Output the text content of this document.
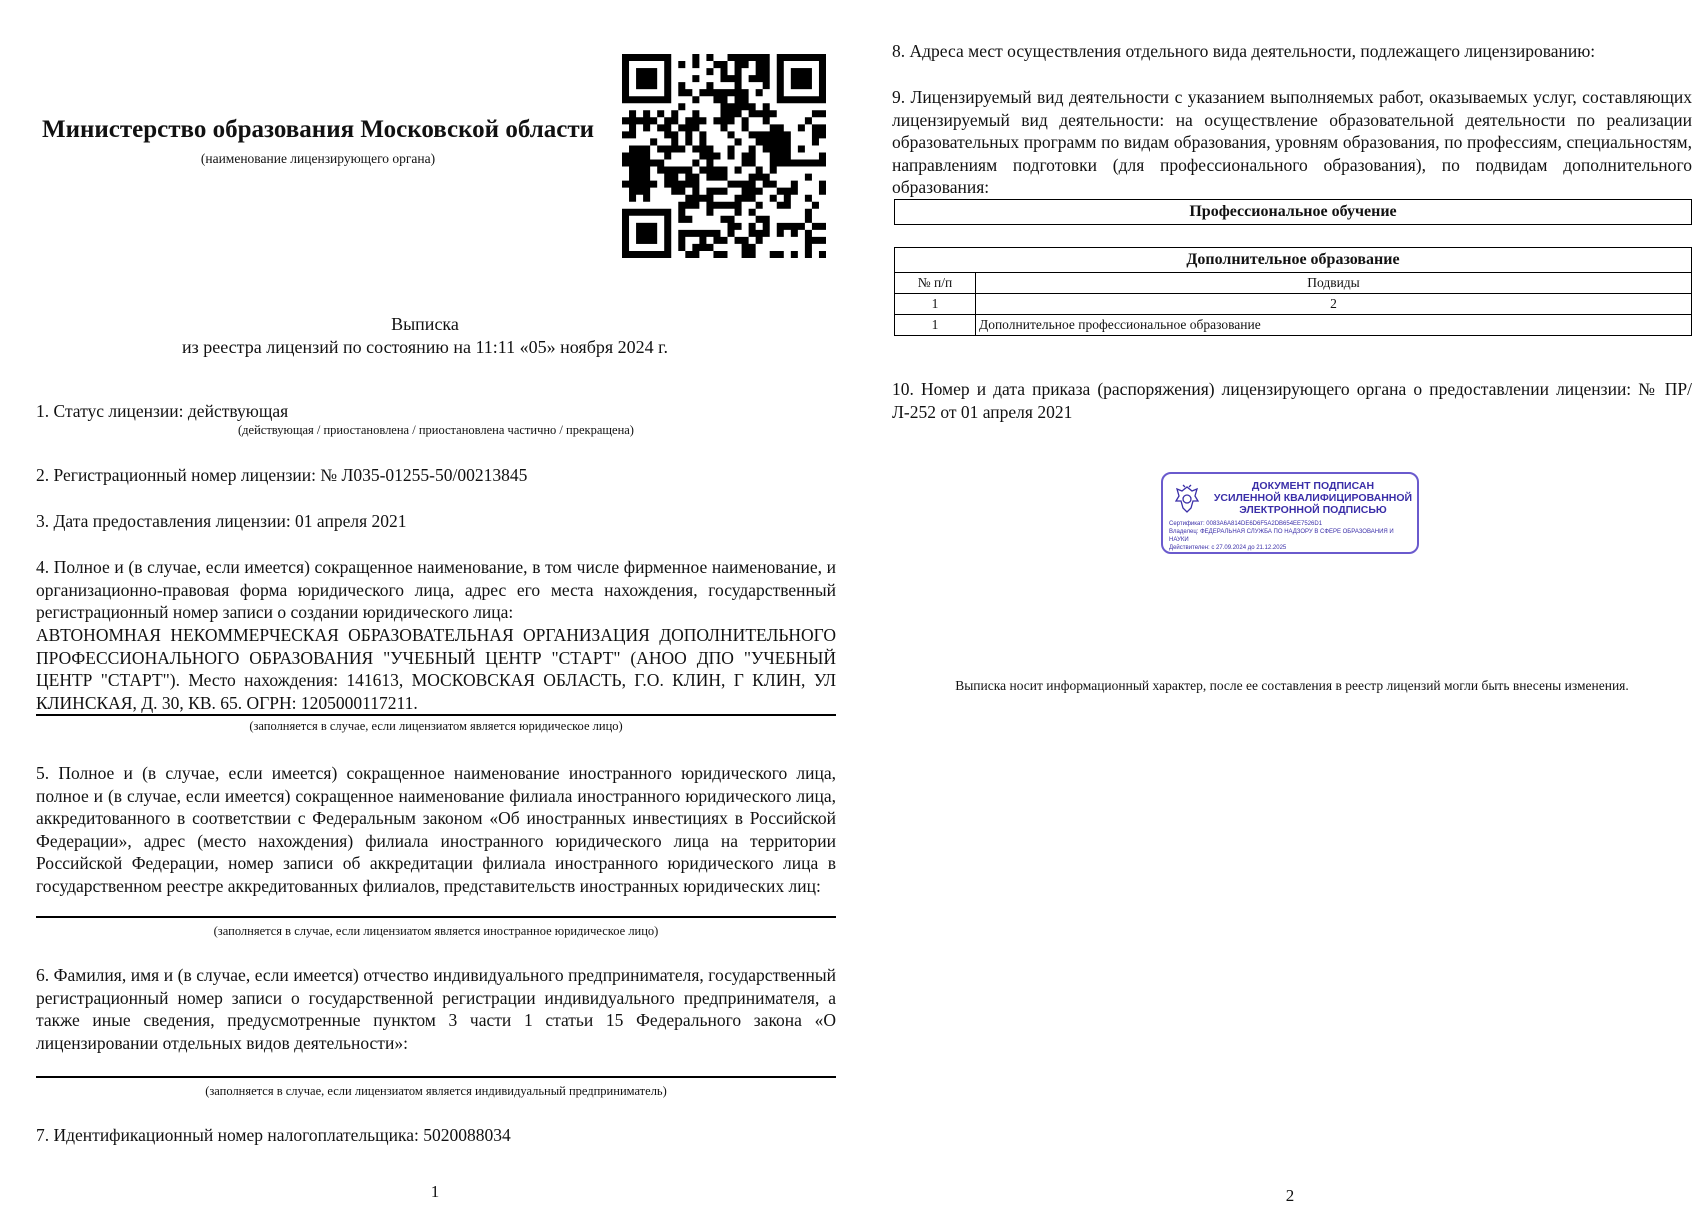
Министерство образования Московской области
(наименование лицензирующего органа)
Выписка
из реестра лицензий по состоянию на 11:11 «05» ноября 2024 г.
1. Статус лицензии: действующая
(действующая / приостановлена / приостановлена частично / прекращена)
2. Регистрационный номер лицензии: № Л035-01255-50/00213845
3. Дата предоставления лицензии: 01 апреля 2021
4. Полное и (в случае, если имеется) сокращенное наименование, в том числе фирменное наименование, и организационно-правовая форма юридического лица, адрес его места нахождения, государственный регистрационный номер записи о создании юридического лица:
АВТОНОМНАЯ НЕКОММЕРЧЕСКАЯ ОБРАЗОВАТЕЛЬНАЯ ОРГАНИЗАЦИЯ ДОПОЛНИТЕЛЬНОГО ПРОФЕССИОНАЛЬНОГО ОБРАЗОВАНИЯ "УЧЕБНЫЙ ЦЕНТР "СТАРТ" (АНОО ДПО "УЧЕБНЫЙ ЦЕНТР "СТАРТ"). Место нахождения: 141613, МОСКОВСКАЯ ОБЛАСТЬ, Г.О. КЛИН, Г КЛИН, УЛ КЛИНСКАЯ, Д. 30, КВ. 65. ОГРН: 1205000117211.
(заполняется в случае, если лицензиатом является юридическое лицо)
5. Полное и (в случае, если имеется) сокращенное наименование иностранного юридического лица, полное и (в случае, если имеется) сокращенное наименование филиала иностранного юридического лица, аккредитованного в соответствии с Федеральным законом «Об иностранных инвестициях в Российской Федерации», адрес (место нахождения) филиала иностранного юридического лица на территории Российской Федерации, номер записи об аккредитации филиала иностранного юридического лица в государственном реестре аккредитованных филиалов, представительств иностранных юридических лиц:
(заполняется в случае, если лицензиатом является иностранное юридическое лицо)
6. Фамилия, имя и (в случае, если имеется) отчество индивидуального предпринимателя, государственный регистрационный номер записи о государственной регистрации индивидуального предпринимателя, а также иные сведения, предусмотренные пунктом 3 части 1 статьи 15 Федерального закона «О лицензировании отдельных видов деятельности»:
(заполняется в случае, если лицензиатом является индивидуальный предприниматель)
7. Идентификационный номер налогоплательщика: 5020088034
1
8. Адреса мест осуществления отдельного вида деятельности, подлежащего лицензированию:
9. Лицензируемый вид деятельности с указанием выполняемых работ, оказываемых услуг, составляющих лицензируемый вид деятельности: на осуществление образовательной деятельности по реализации образовательных программ по видам образования, уровням образования, по профессиям, специальностям, направлениям подготовки (для профессионального образования), по подвидам дополнительного образования:
Профессиональное обучение
Дополнительное образование	
№ п/п	Подвиды
1	2
1	Дополнительное профессиональное образование
10. Номер и дата приказа (распоряжения) лицензирующего органа о предоставлении лицензии: № ПР/Л-252 от 01 апреля 2021
ДОКУМЕНТ ПОДПИСАН
УСИЛЕННОЙ КВАЛИФИЦИРОВАННОЙ
ЭЛЕКТРОННОЙ ПОДПИСЬЮ
Сертификат: 0083A6A814DE6D6F5A2DB654EE7526D1
Владелец: ФЕДЕРАЛЬНАЯ СЛУЖБА ПО НАДЗОРУ В СФЕРЕ ОБРАЗОВАНИЯ И НАУКИ
Действителен: с 27.09.2024 до 21.12.2025
Выписка носит информационный характер, после ее составления в реестр лицензий могли быть внесены изменения.
2
